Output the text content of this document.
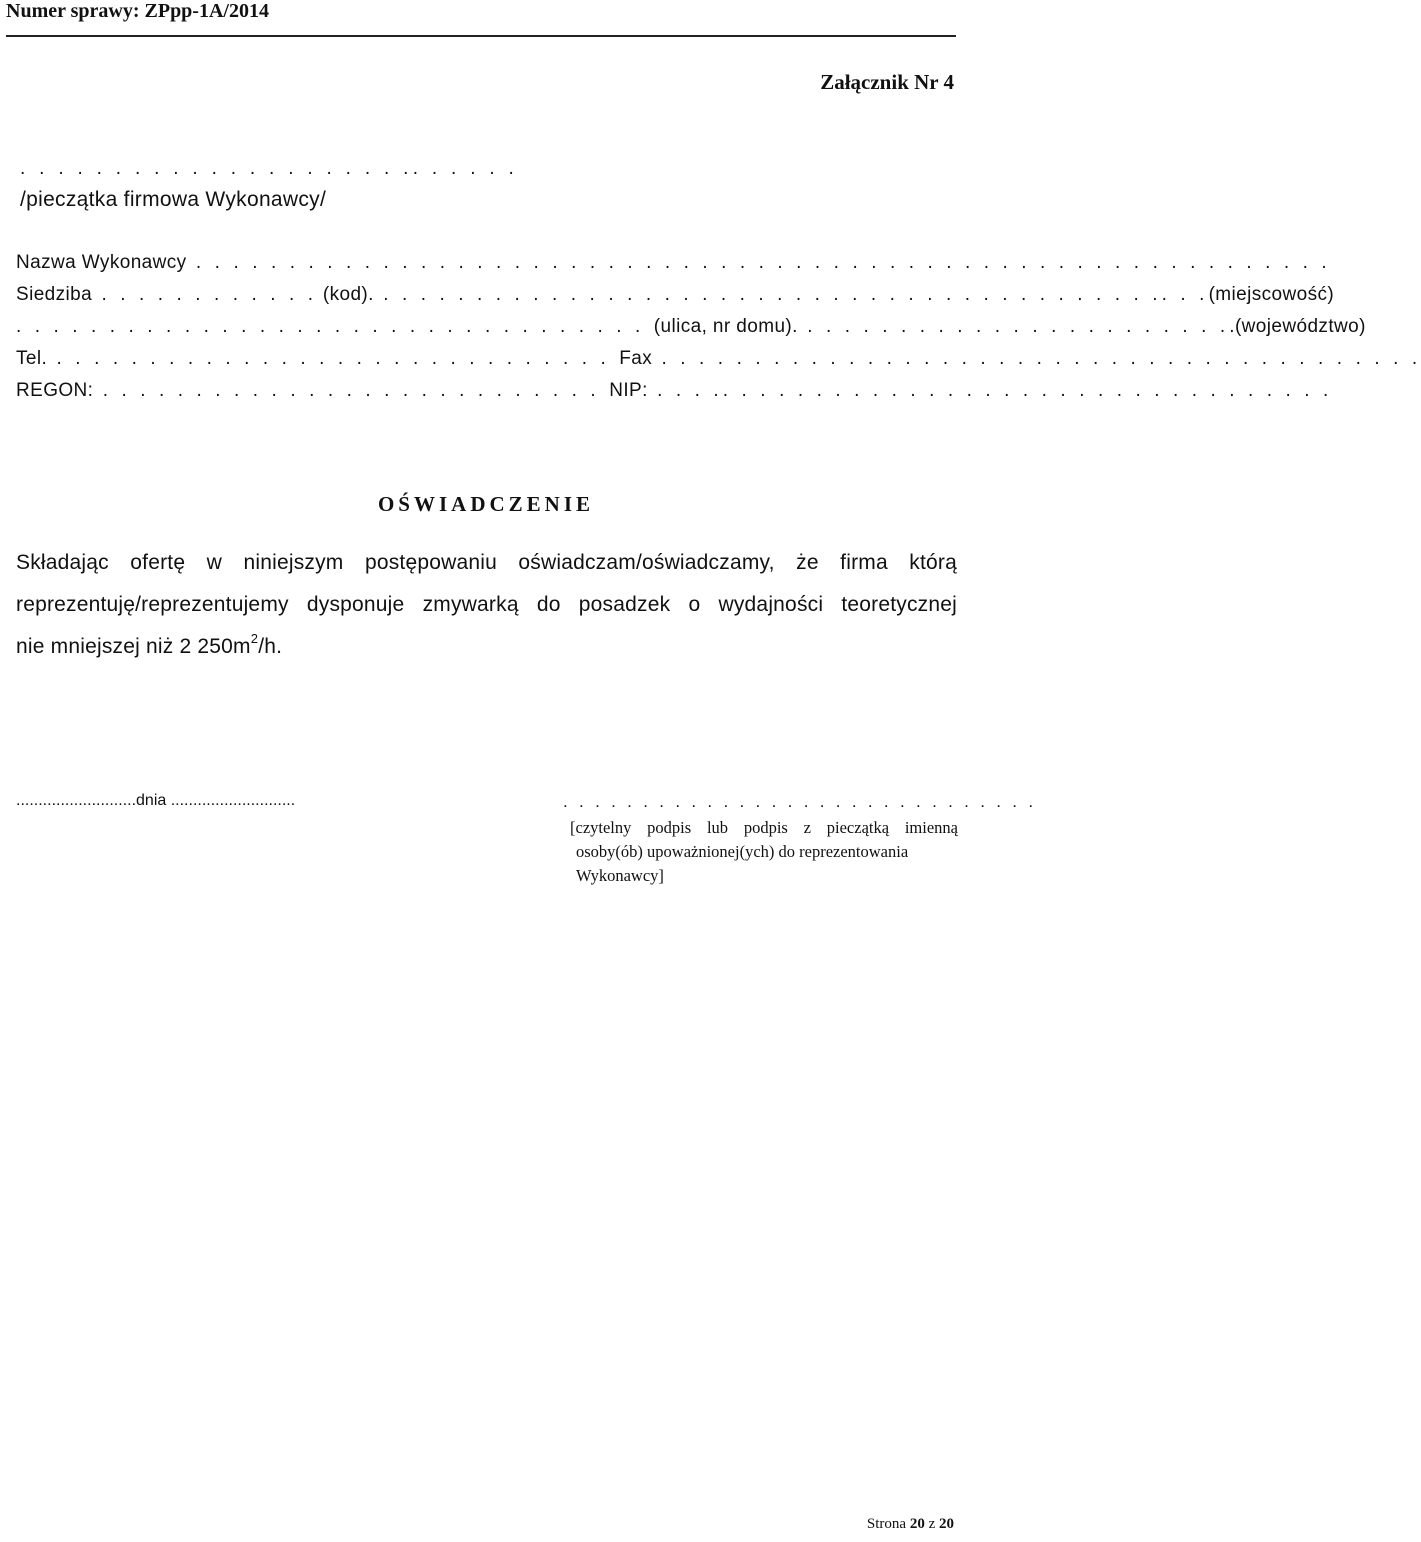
Numer sprawy: ZPpp-1A/2014
Załącznik Nr 4
. . . . . . . . . . . . . . . . . . . . .. . . . . .
/pieczątka firmowa Wykonawcy/
Nazwa Wykonawcy . . . . . . . . . . . . . . . . . . . . . . . . . . . . . . . . . . . . . . . . . . . . . . . . . . . . . . . . . . . . .
Siedziba . . . . . . . . . . . . (kod). . . . . . . . . . . . . . . . . . . . . . . . . . . . . . . . . . . . . . . . . . .. . .(miejscowość)
. . . . . . . . . . . . . . . . . . . . . . . . . . . . . . . . . . (ulica, nr domu). . . . . . . . . . . . . . . . . . . . . . . ..(województwo)
Tel. . . . . . . . . . . . . . . . . . . . . . . . . . . . . . . Fax . . . . . . . . . . . . . . . . . . . . . . . . . . . . . . . . . . . . . . . . .
REGON: . . . . . . . . . . . . . . . . . . . . . . . . . . . NIP: . . . .. . . . . . . . . . . . . . . . . . . . . . . . . . . . . . . . .
OŚWIADCZENIE
Składając ofertę w niniejszym postępowaniu oświadczam/oświadczamy, że firma którą
reprezentuję/reprezentujemy dysponuje zmywarką do posadzek o wydajności teoretycznej
nie mniejszej niż 2 $250m^2/h$.
...........................dnia ............................	. . . . . . . . . . . . . . . . . . . . . . . . . . . . . .
[czytelny podpis lub podpis z pieczątką imienną
osoby(ób) upoważnionej(ych) do reprezentowania
Wykonawcy]
Strona 20 z 20
